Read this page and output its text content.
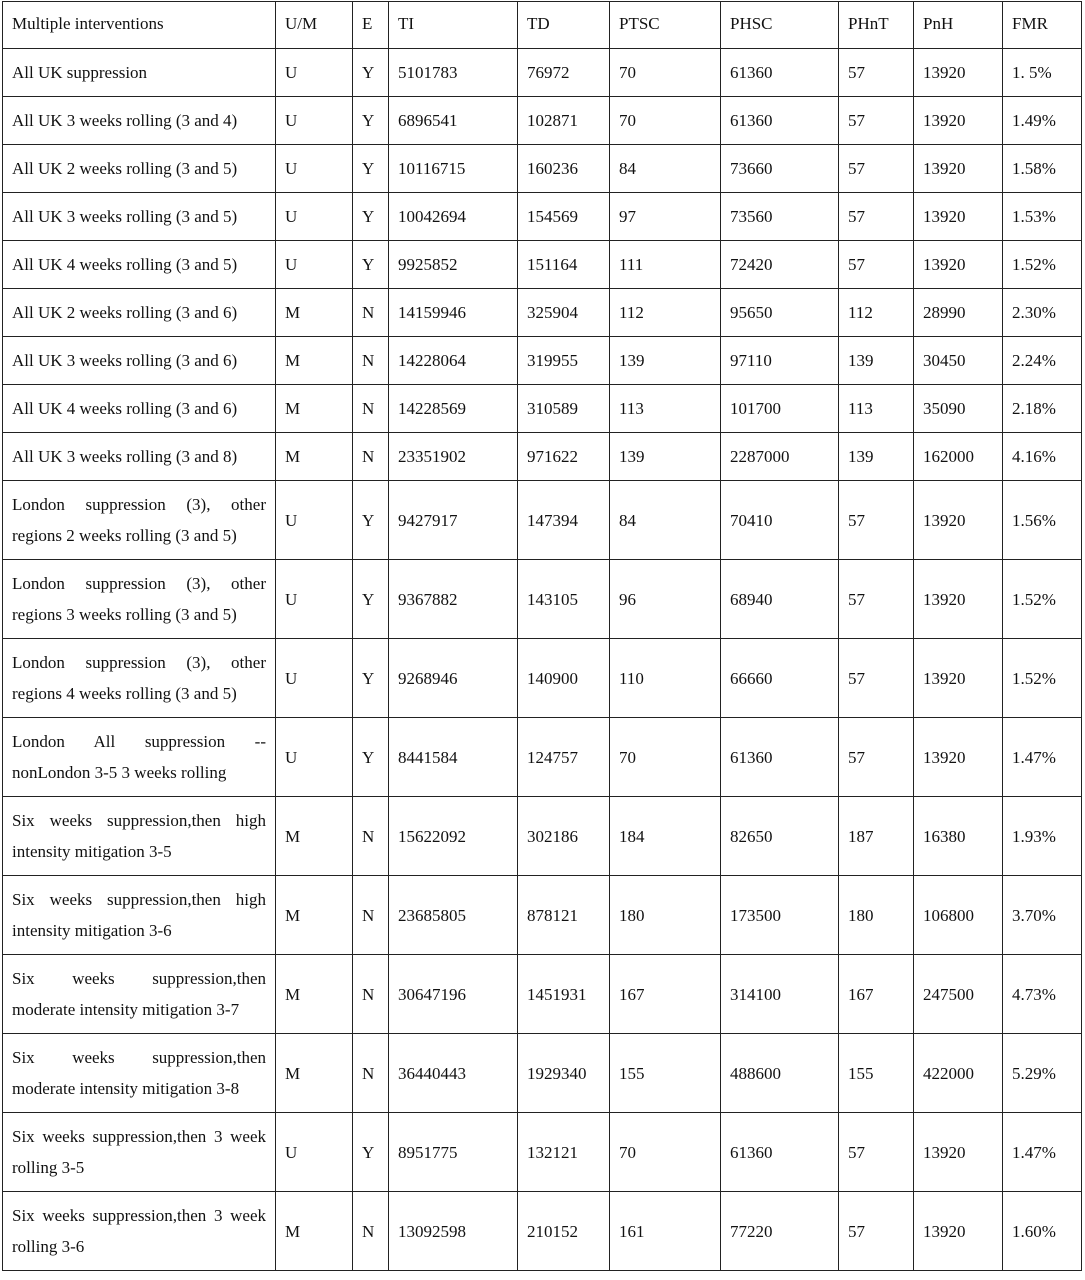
Multiple interventions	U/M	E	TI	TD	PTSC	PHSC	PHnT	PnH	FMR
All UK suppression	U	Y	5101783	76972	70	61360	57	13920	1. 5%
All UK 3 weeks rolling (3 and 4)	U	Y	6896541	102871	70	61360	57	13920	1.49%
All UK 2 weeks rolling (3 and 5)	U	Y	10116715	160236	84	73660	57	13920	1.58%
All UK 3 weeks rolling (3 and 5)	U	Y	10042694	154569	97	73560	57	13920	1.53%
All UK 4 weeks rolling (3 and 5)	U	Y	9925852	151164	111	72420	57	13920	1.52%
All UK 2 weeks rolling (3 and 6)	M	N	14159946	325904	112	95650	112	28990	2.30%
All UK 3 weeks rolling (3 and 6)	M	N	14228064	319955	139	97110	139	30450	2.24%
All UK 4 weeks rolling (3 and 6)	M	N	14228569	310589	113	101700	113	35090	2.18%
All UK 3 weeks rolling (3 and 8)	M	N	23351902	971622	139	2287000	139	162000	4.16%
London suppression (3), other regions 2 weeks rolling (3 and 5)	U	Y	9427917	147394	84	70410	57	13920	1.56%
London suppression (3), other regions 3 weeks rolling (3 and 5)	U	Y	9367882	143105	96	68940	57	13920	1.52%
London suppression (3), other regions 4 weeks rolling (3 and 5)	U	Y	9268946	140900	110	66660	57	13920	1.52%
London All suppression -- nonLondon 3-5 3 weeks rolling	U	Y	8441584	124757	70	61360	57	13920	1.47%
Six weeks suppression,then high intensity mitigation 3-5	M	N	15622092	302186	184	82650	187	16380	1.93%
Six weeks suppression,then high intensity mitigation 3-6	M	N	23685805	878121	180	173500	180	106800	3.70%
Six weeks suppression,then moderate intensity mitigation 3-7	M	N	30647196	1451931	167	314100	167	247500	4.73%
Six weeks suppression,then moderate intensity mitigation 3-8	M	N	36440443	1929340	155	488600	155	422000	5.29%
Six weeks suppression,then 3 week rolling 3-5	U	Y	8951775	132121	70	61360	57	13920	1.47%
Six weeks suppression,then 3 week rolling 3-6	M	N	13092598	210152	161	77220	57	13920	1.60%
